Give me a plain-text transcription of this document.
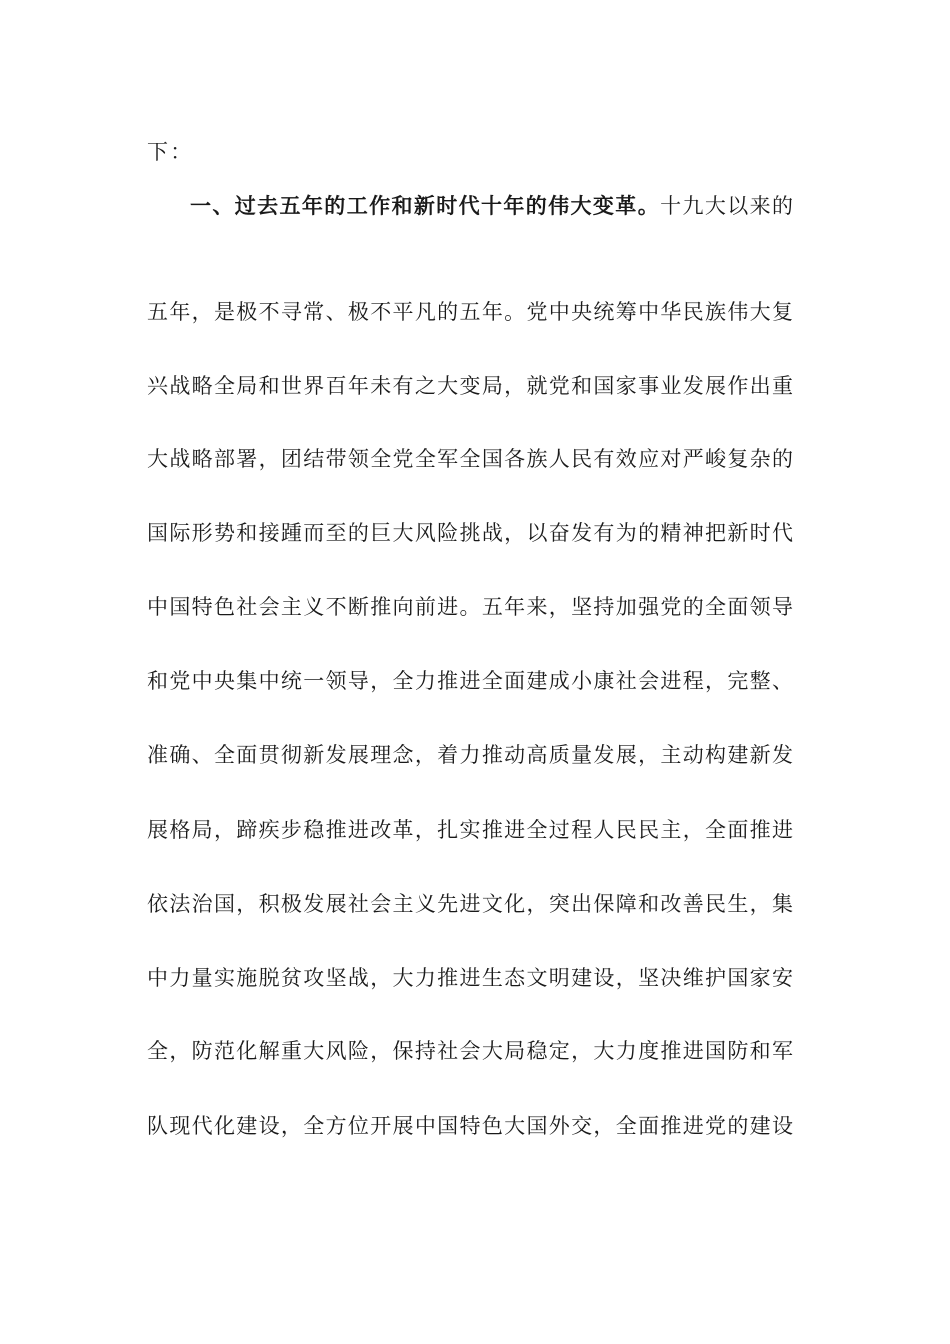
下：
一、过去五年的工作和新时代十年的伟大变革。十九大以来的
五年，是极不寻常、极不平凡的五年。党中央统筹中华民族伟大复
兴战略全局和世界百年未有之大变局，就党和国家事业发展作出重
大战略部署，团结带领全党全军全国各族人民有效应对严峻复杂的
国际形势和接踵而至的巨大风险挑战，以奋发有为的精神把新时代
中国特色社会主义不断推向前进。五年来，坚持加强党的全面领导
和党中央集中统一领导，全力推进全面建成小康社会进程，完整、
准确、全面贯彻新发展理念，着力推动高质量发展，主动构建新发
展格局，蹄疾步稳推进改革，扎实推进全过程人民民主，全面推进
依法治国，积极发展社会主义先进文化，突出保障和改善民生，集
中力量实施脱贫攻坚战，大力推进生态文明建设，坚决维护国家安
全，防范化解重大风险，保持社会大局稳定，大力度推进国防和军
队现代化建设，全方位开展中国特色大国外交，全面推进党的建设
